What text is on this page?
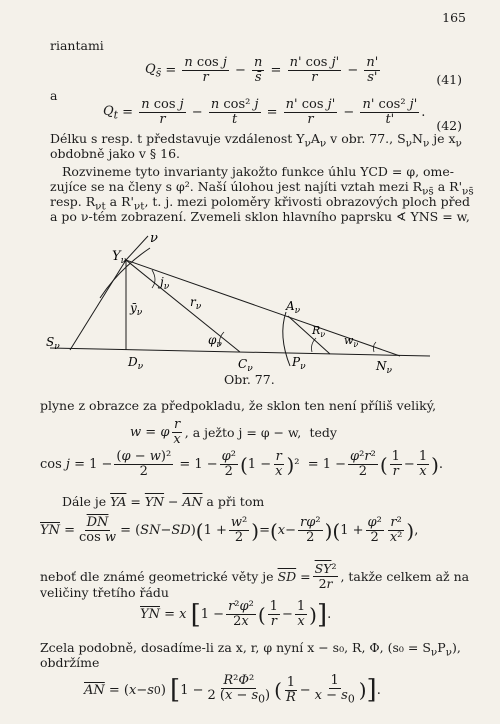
165
riantami
$Q_{s̄} = \frac{\text{n cos j}}{r} - \frac{n}{s̄} = \frac{\text{n' cos j'}}{r} - \frac{n'}{s'}$	(41)
a
$Q_t = \frac{\text{n cos j}}{r} - \frac{\text{n cos² j}}{t} = \frac{\text{n' cos j'}}{r} - \frac{\text{n' cos² j'}}{t'}$ .
(42)
Délku s resp. t představuje vzdálenost $Y_\nu A_\nu$ v obr. 77., $S_\nu N_\nu$ je $x_\nu$
obdobně jako v § 16.
Rozvineme tyto invarianty jakožto funkce úhlu YCD = φ, ome-
zujíce se na členy s φ². Naší úlohou jest najíti vztah mezi $R_{\nu s̄}$ a $R'_{\nu s̄}$
resp. $R_{\nu t}$ a $R'_{\nu t}$, t. j. mezi poloměry křivosti obrazových ploch před
a po ν-tém zobrazení. Zvemeli sklon hlavního paprsku ∢ YNS = w,
ν
$Y_\nu$
$j_\nu$
$r_\nu$
$ȳ_\nu$
$S_\nu$
$D_\nu$
$\varphi_\nu$
$C_\nu$
$A_\nu$
$R_\nu$
$P_\nu$
$w_\nu$
$N_\nu$
Obr. 77.
plyne z obrazce za předpokladu, že sklon ten není příliš veliký,
w = φ $\frac{r}{x}$ , a ježto j = φ − w,
tedy
$\cos j = 1 - \frac{\text{(φ − w)²}}{2} = 1 - \frac{\text{φ²}}{2}$ ( $1 - \frac{r}{x}$ ) $^2 = 1 - \frac{\text{φ²r²}}{2}$ ( $\frac{1}{r} - \frac{1}{x}$ ) .
Dále je
$\overline{YA} = \overline{YN} - \overline{AN}$
a při tom
$\overline{YN} = \frac{\overline{DN}}{\text{cos w}}$ = ( SN − SD ) ( $1 + \frac{\text{w²}}{2}$ ) = ( $x - \frac{\text{rφ²}}{2}$ ) ( $1 + \frac{\text{φ²}}{2} \frac{\text{r²}}{\text{x²}}$ ) ,
neboť dle známé geometrické věty je
$\overline{SD} = \frac{\overline{SY}^2}{2r}$ , takže celkem až na
veličiny třetího řádu
$\overline{YN} = x$
[ $1 - \frac{\text{r²φ²}}{2x}$ ( $\frac{1}{r} - \frac{1}{x}$ ) ] .
Zcela podobně, dosadíme-li za x, r, φ nyní x − s₀, R, Φ, $(s_0 = S_\nu P_\nu)$,
obdržíme
$\overline{AN}$ = ( x − s 0 ) [ $1 - \frac{\text{R²Φ²}}{2 (x - s_0)}$ ( $\frac{1}{R} - \frac{1}{x - s_0}$ ) ] .
